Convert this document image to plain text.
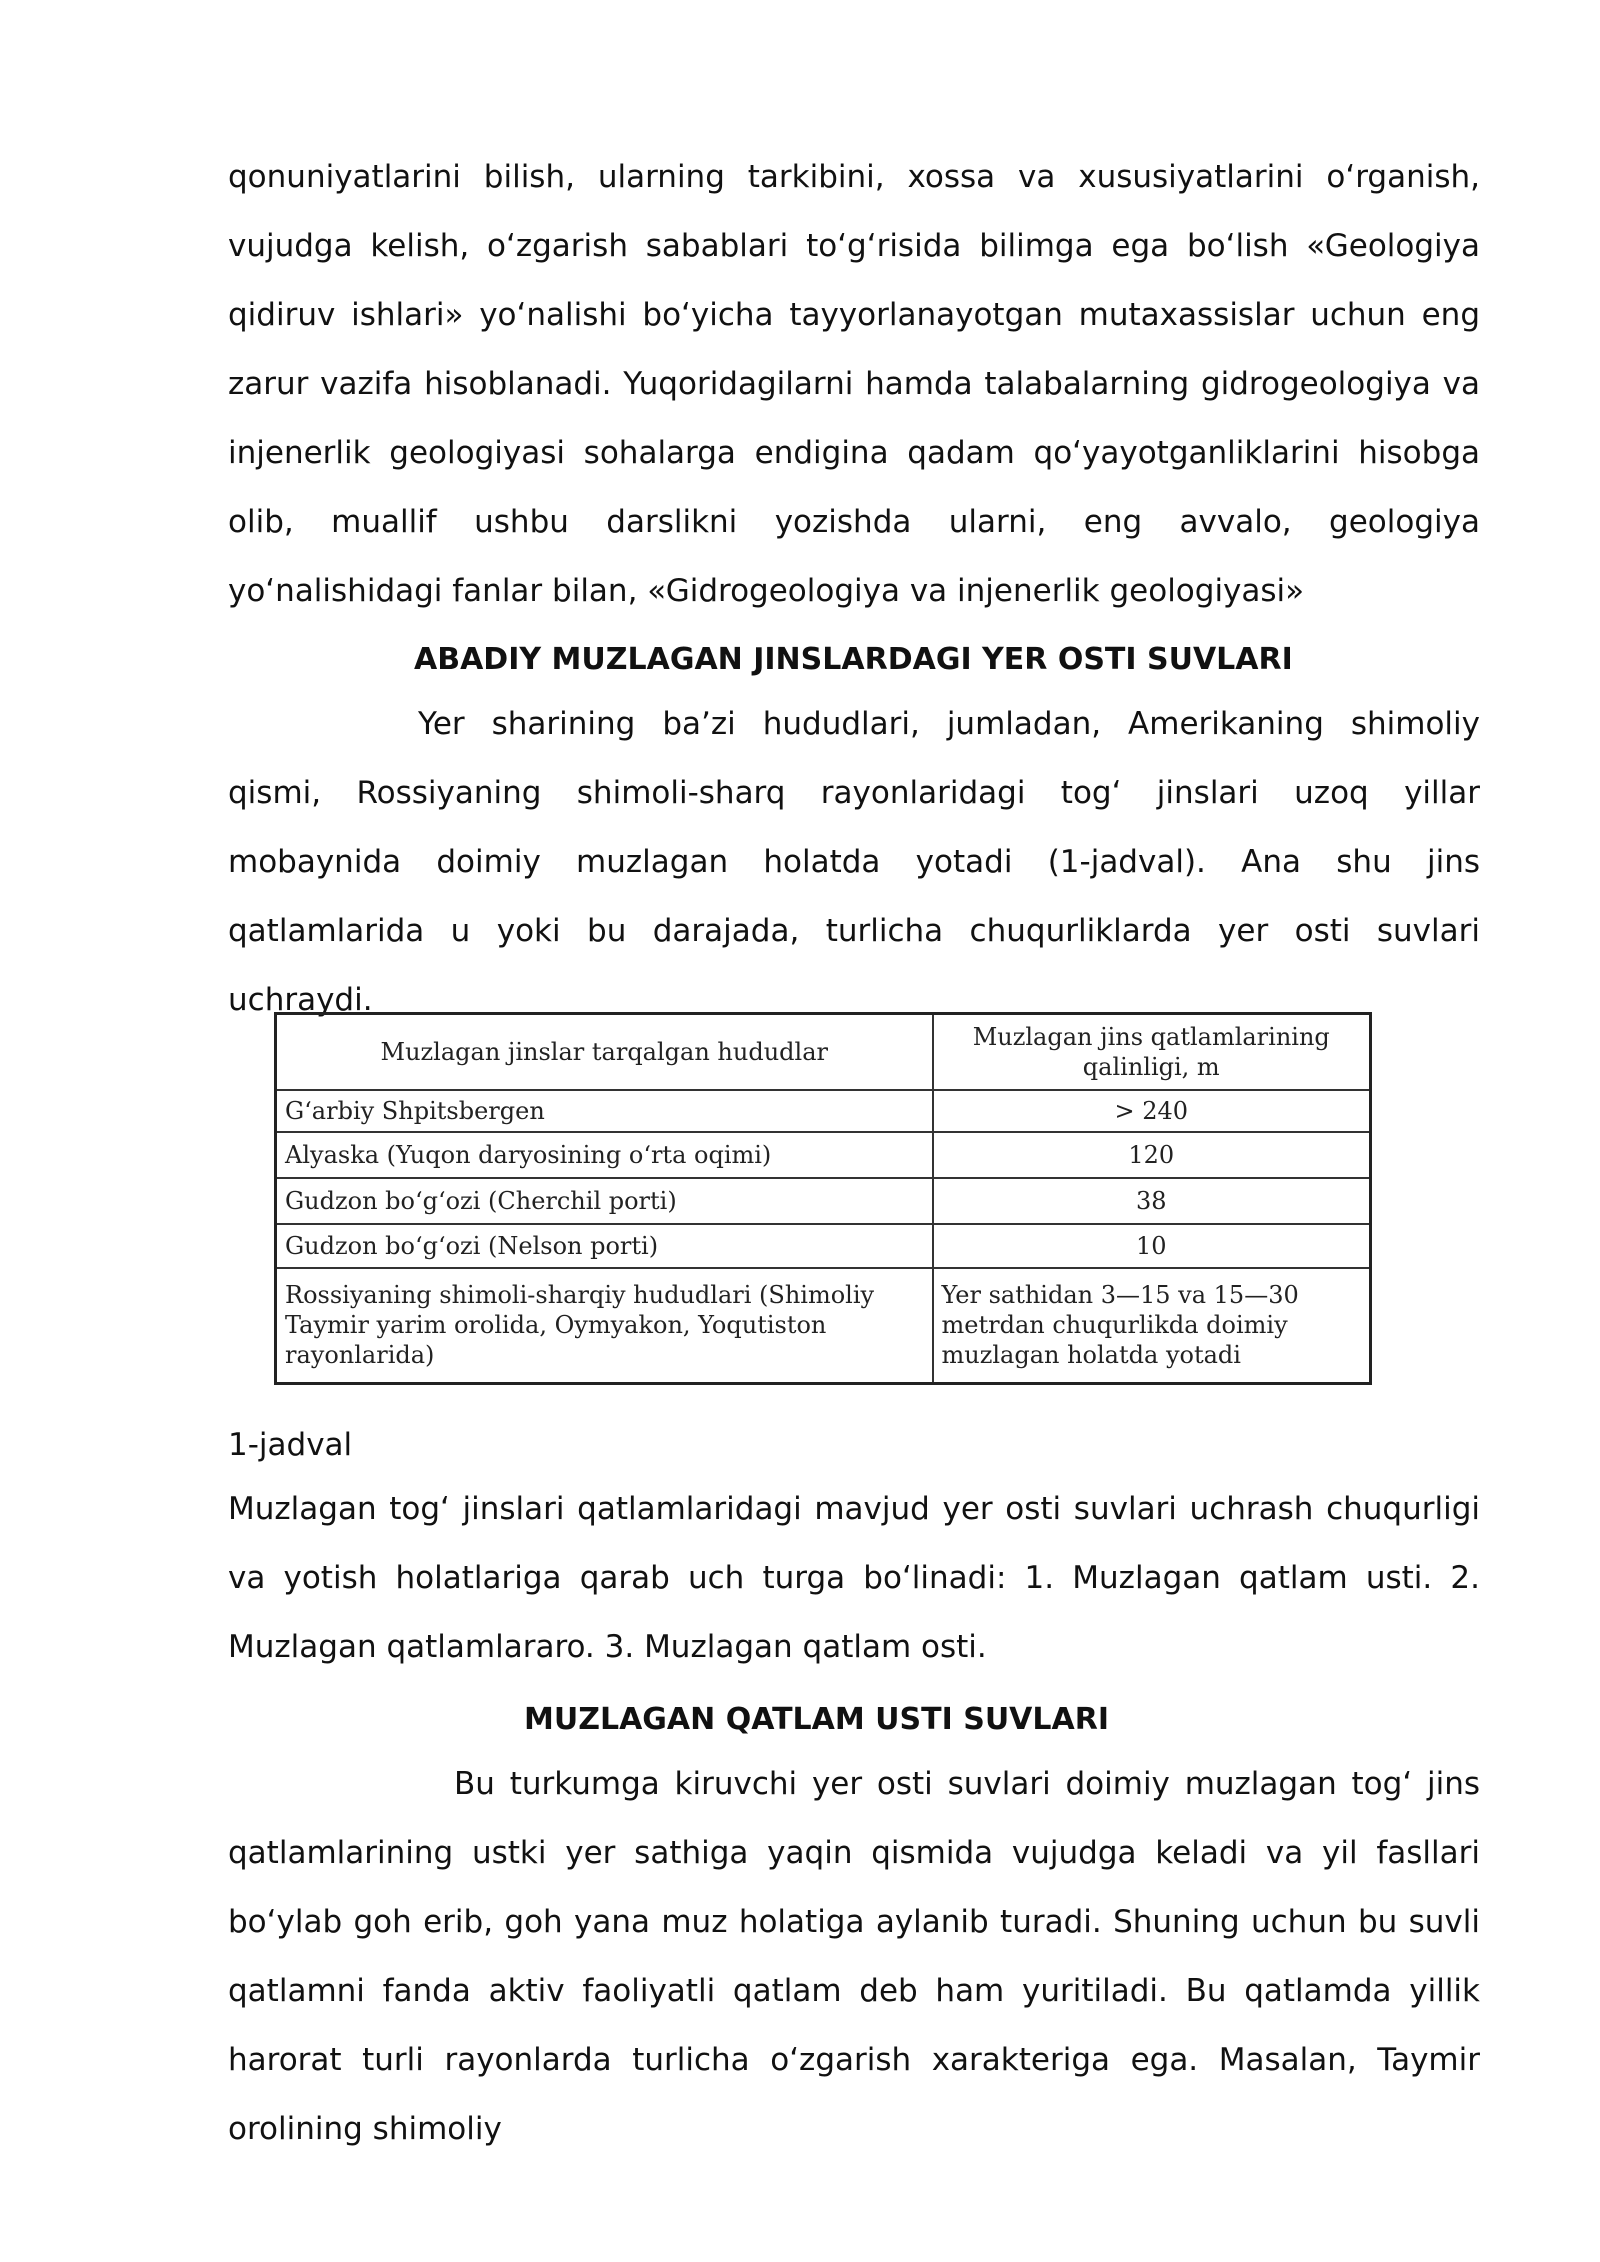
qonuniyatlarini bilish, ularning tarkibini, xossa va xususiyatlarini oʻrganish, vujudga kelish, oʻzgarish sabablari toʻgʻrisida bilimga ega boʻlish «Geologiya qidiruv ishlari» yoʻnalishi boʻyicha tayyorlanayotgan mutaxassislar uchun eng zarur vazifa hisoblanadi. Yuqoridagilarni hamda talabalarning gidrogeologiya va injenerlik geologiyasi sohalarga endigina qadam qoʻyayotganliklarini hisobga olib, muallif ushbu darslikni yozishda ularni, eng avvalo, geologiya yoʻnalishidagi fanlar bilan, «Gidrogeologiya va injenerlik geologiyasi»

ABADIY MUZLAGAN JINSLARDAGI YER OSTI SUVLARI

Yer sharining ba’zi hududlari, jumladan, Amerikaning shimoliy qismi, Rossiyaning shimoli-sharq rayonlaridagi togʻ jinslari uzoq yillar mobaynida doimiy muzlagan holatda yotadi (1-jadval). Ana shu jins qatlamlarida u yoki bu darajada, turlicha chuqurliklarda yer osti suvlari uchraydi.

1-jadval

Muzlagan togʻ jinslari qatlamlaridagi mavjud yer osti suvlari uchrash chuqurligi va yotish holatlariga qarab uch turga boʻlinadi: 1. Muzlagan qatlam usti. 2. Muzlagan qatlamlararo. 3. Muzlagan qatlam osti.

MUZLAGAN QATLAM USTI SUVLARI

Bu turkumga kiruvchi yer osti suvlari doimiy muzlagan togʻ jins qatlamlarining ustki yer sathiga yaqin qismida vujudga keladi va yil fasllari boʻylab goh erib, goh yana muz holatiga aylanib turadi. Shuning uchun bu suvli qatlamni fanda aktiv faoliyatli qatlam deb ham yuritiladi. Bu qatlamda yillik harorat turli rayonlarda turlicha oʻzgarish xarakteriga ega. Masalan, Taymir orolining shimoliy

Muzlagan jinslar tarqalgan hududlar	Muzlagan jins qatlamlarining qalinligi, m
Gʻarbiy Shpitsbergen	> 240
Alyaska (Yuqon daryosining oʻrta oqimi)	120
Gudzon boʻgʻozi (Cherchil porti)	38
Gudzon boʻgʻozi (Nelson porti)	10
Rossiyaning shimoli-sharqiy hududlari (Shimoliy Taymir yarim orolida, Oymyakon, Yoqutiston rayonlarida)	Yer sathidan 3—15 va 15—30 metrdan chuqurlikda doimiy muzlagan holatda yotadi
